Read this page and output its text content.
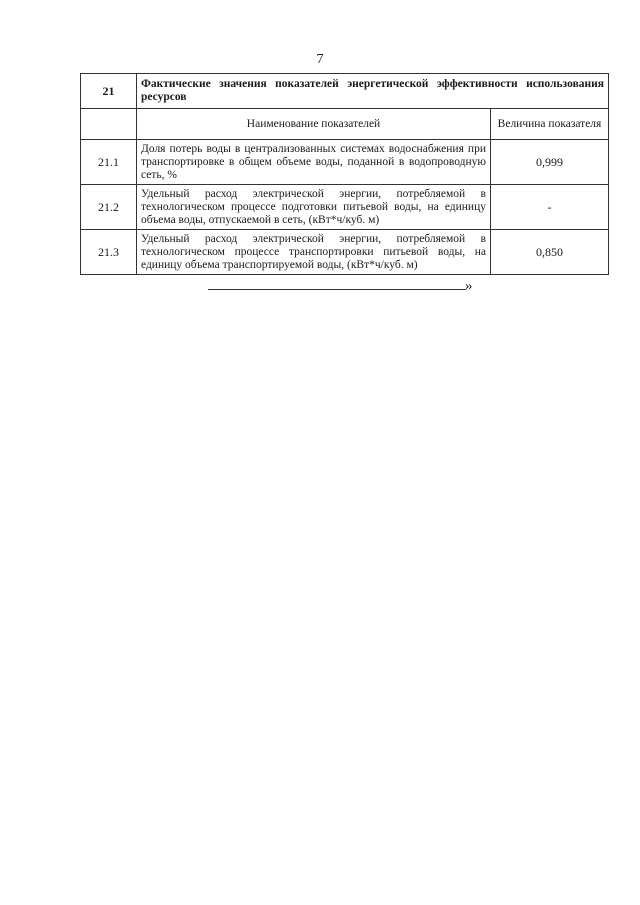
7
21	Фактические значения показателей энергетической эффективности использования ресурсов	
	Наименование показателей	Величина показателя
21.1	Доля потерь воды в централизованных системах водоснабжения при транспортировке в общем объеме воды, поданной в водопроводную сеть, %	0,999
21.2	Удельный расход электрической энергии, потребляемой в технологическом процессе подготовки питьевой воды, на единицу объема воды, отпускаемой в сеть, (кВт*ч/куб. м)	-
21.3	Удельный расход электрической энергии, потребляемой в технологическом процессе транспортировки питьевой воды, на единицу объема транспортируемой воды, (кВт*ч/куб. м)	0,850
»
